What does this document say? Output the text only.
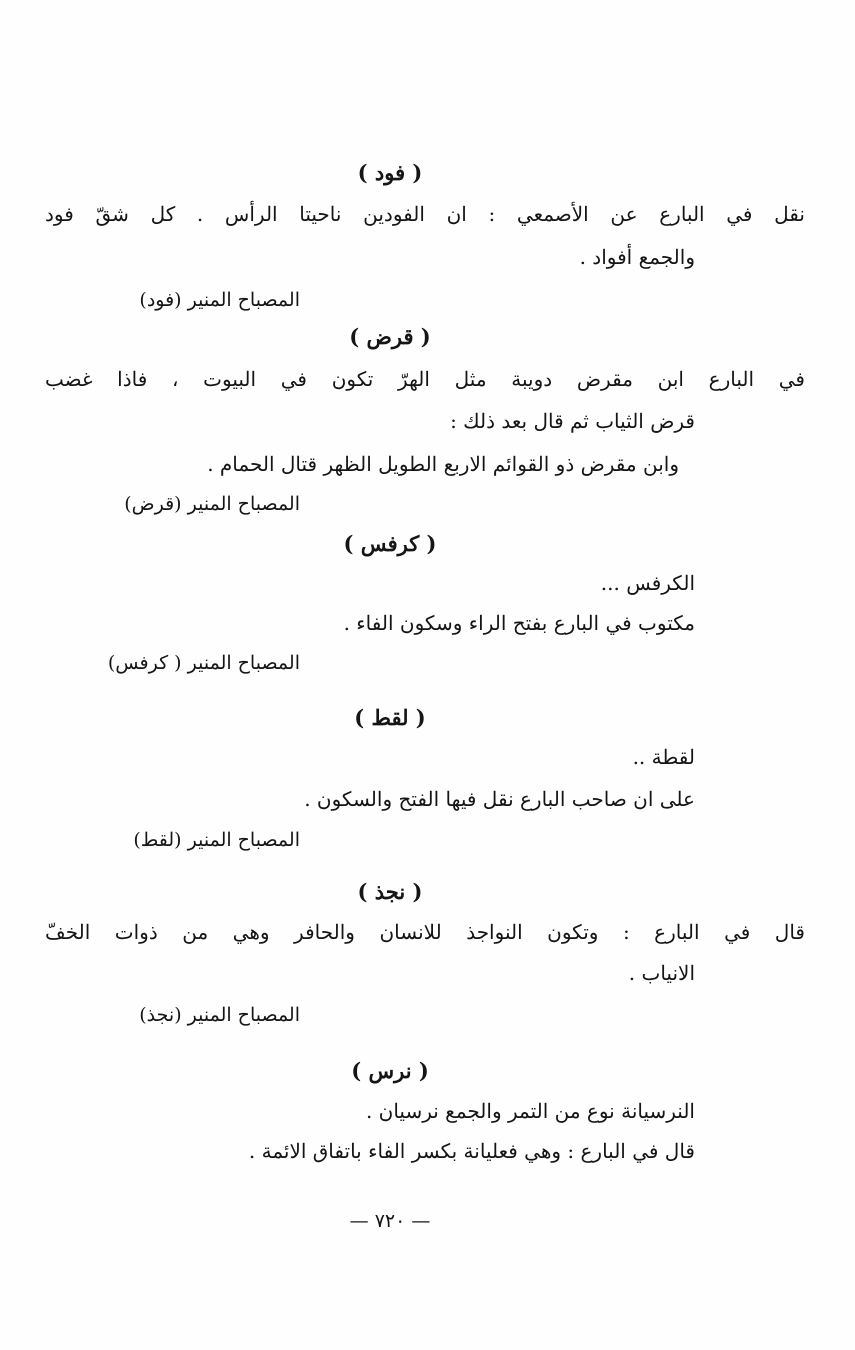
( فود )
نقل في البارع عن الأصمعي : ان الفودين ناحيتا الرأس . كل شقّ فود
والجمع أفواد .
المصباح المنير (فود)
( قرض )
في البارع ابن مقرض دويبة مثل الهرّ تكون في البيوت ، فاذا غضب
قرض الثياب ثم قال بعد ذلك :
وابن مقرض ذو القوائم الاربع الطويل الظهر قتال الحمام .
المصباح المنير (قرض)
( كرفس )
الكرفس ...
مكتوب في البارع بفتح الراء وسكون الفاء .
المصباح المنير ( كرفس)
( لقط )
لقطة ..
على ان صاحب البارع نقل فيها الفتح والسكون .
المصباح المنير (لقط)
( نجذ )
قال في البارع : وتكون النواجذ للانسان والحافر وهي من ذوات الخفّ
الانياب .
المصباح المنير (نجذ)
( نرس )
النرسيانة نوع من التمر والجمع نرسيان .
قال في البارع : وهي فعليانة بكسر الفاء باتفاق الائمة .
— ٧٢٠ —
